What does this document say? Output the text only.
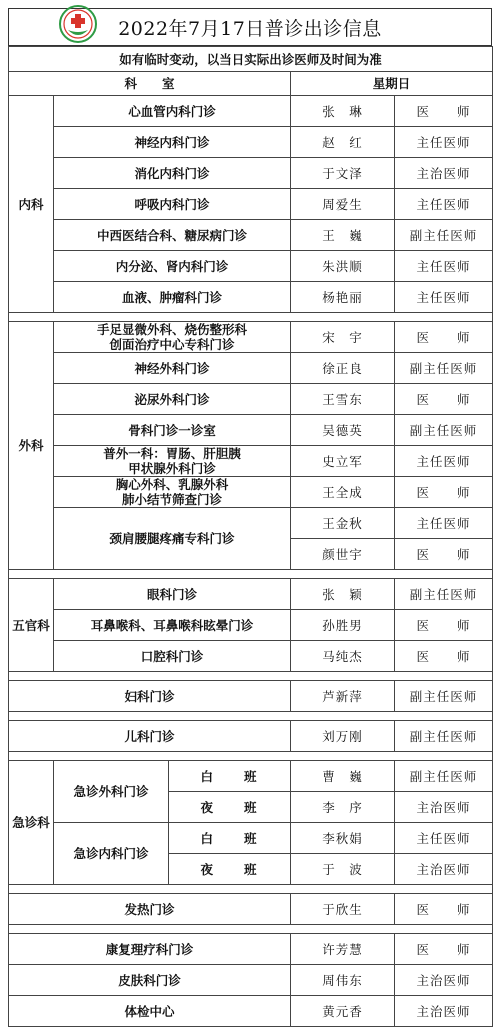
2022年7月17日普诊出诊信息
如有临时变动，以当日实际出诊医师及时间为准				
科　　室			星期日	
内科	心血管内科门诊		张　琳	医　　师
	神经内科门诊		赵　红	主任医师
	消化内科门诊		于文泽	主治医师
	呼吸内科门诊		周爱生	主任医师
	中西医结合科、糖尿病门诊		王　巍	副主任医师
	内分泌、肾内科门诊		朱洪顺	主任医师
	血液、肿瘤科门诊		杨艳丽	主任医师

外科	手足显微外科、烧伤整形科
创面治疗中心专科门诊		宋　宇	医　　师
	神经外科门诊		徐正良	副主任医师
	泌尿外科门诊		王雪东	医　　师
	骨科门诊一诊室		吴德英	副主任医师

	普外一科：胃肠、肝胆胰
甲状腺外科门诊		史立军	主任医师

	胸心外科、乳腺外科
肺小结节筛查门诊		王全成	医　　师
	颈肩腰腿疼痛专科门诊		王金秋	主任医师
			颜世宇	医　　师

五官科	眼科门诊		张　颖	副主任医师
	耳鼻喉科、耳鼻喉科眩晕门诊		孙胜男	医　　师
	口腔科门诊		马纯杰	医　　师

妇科门诊			芦新萍	副主任医师

儿科门诊			刘万刚	副主任医师

急诊科	急诊外科门诊	白　　班	曹　巍	副主任医师
		夜　　班	李　序	主治医师
	急诊内科门诊	白　　班	李秋娟	主任医师
		夜　　班	于　波	主治医师

发热门诊			于欣生	医　　师

康复理疗科门诊			许芳慧	医　　师
皮肤科门诊			周伟东	主治医师
体检中心			黄元香	主治医师
